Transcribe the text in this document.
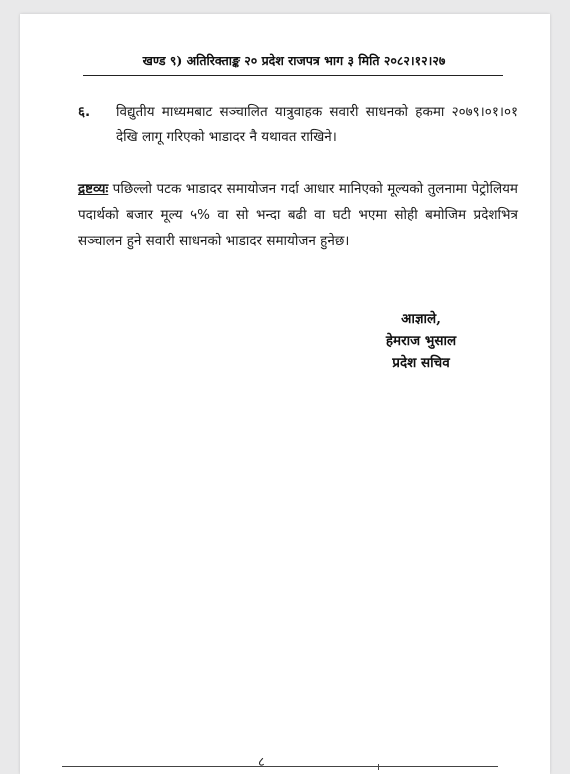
खण्ड ९) अतिरिक्ताङ्क २० प्रदेश राजपत्र भाग ३ मिति २०८२।१२।२७
६. विद्युतीय माध्यमबाट सञ्चालित यात्रुवाहक सवारी साधनको हकमा २०७९।०१।०१ देखि लागू गरिएको भाडादर नै यथावत राखिने।
द्रष्टव्यः पछिल्लो पटक भाडादर समायोजन गर्दा आधार मानिएको मूल्यको तुलनामा पेट्रोलियम पदार्थको बजार मूल्य ५% वा सो भन्दा बढी वा घटी भएमा सोही बमोजिम प्रदेशभित्र सञ्चालन हुने सवारी साधनको भाडादर समायोजन हुनेछ।
आज्ञाले,
हेमराज भुसाल
प्रदेश सचिव
८
